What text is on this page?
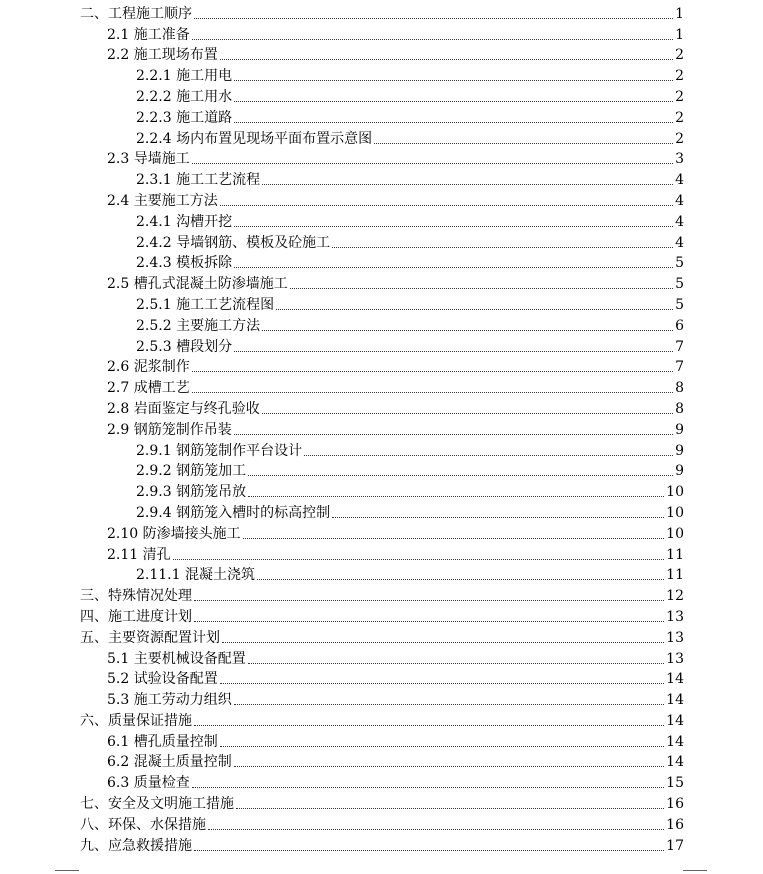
二、工程施工顺序	1
2.1 施工准备	1
2.2 施工现场布置	2
2.2.1 施工用电	2
2.2.2 施工用水	2
2.2.3 施工道路	2
2.2.4 场内布置见现场平面布置示意图	2
2.3 导墙施工	3
2.3.1 施工工艺流程	4
2.4 主要施工方法	4
2.4.1 沟槽开挖	4
2.4.2 导墙钢筋、模板及砼施工	4
2.4.3 模板拆除	5
2.5 槽孔式混凝土防渗墙施工	5
2.5.1 施工工艺流程图	5
2.5.2 主要施工方法	6
2.5.3 槽段划分	7
2.6 泥浆制作	7
2.7 成槽工艺	8
2.8 岩面鉴定与终孔验收	8
2.9 钢筋笼制作吊装	9
2.9.1 钢筋笼制作平台设计	9
2.9.2 钢筋笼加工	9
2.9.3 钢筋笼吊放	10
2.9.4 钢筋笼入槽时的标高控制	10
2.10 防渗墙接头施工	10
2.11 清孔	11
2.11.1 混凝土浇筑	11
三、特殊情况处理	12
四、施工进度计划	13
五、主要资源配置计划	13
5.1 主要机械设备配置	13
5.2 试验设备配置	14
5.3 施工劳动力组织	14
六、质量保证措施	14
6.1 槽孔质量控制	14
6.2 混凝土质量控制	14
6.3 质量检查	15
七、安全及文明施工措施	16
八、环保、水保措施	16
九、应急救援措施	17
